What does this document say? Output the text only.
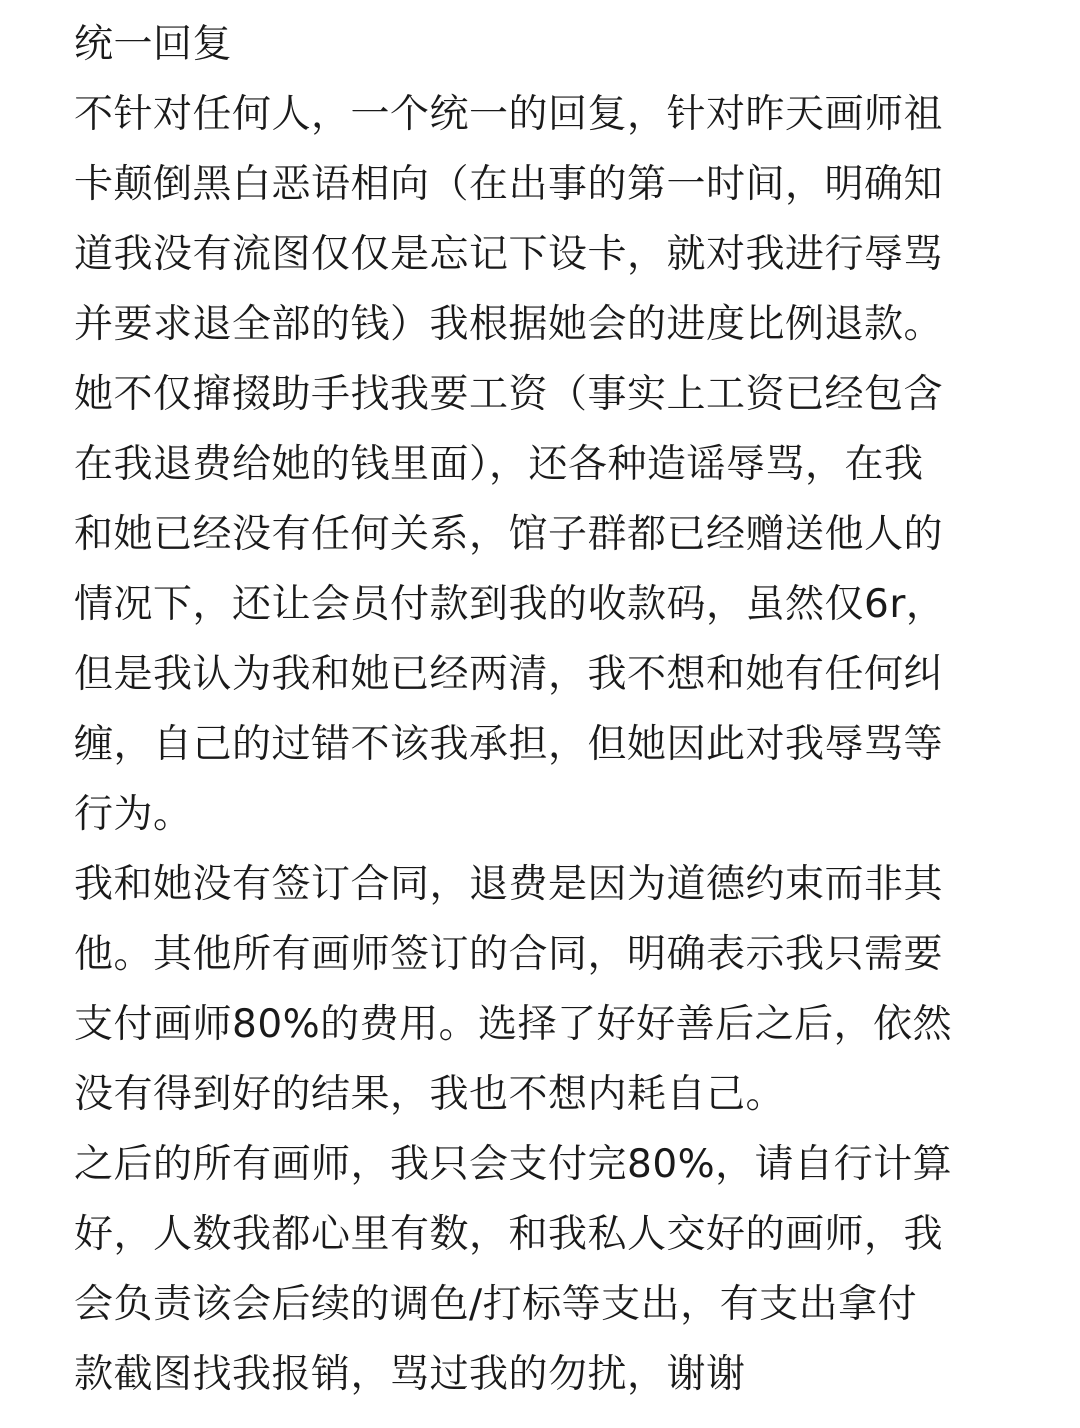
统一回复
不针对任何人，一个统一的回复，针对昨天画师祖
卡颠倒黑白恶语相向（在出事的第一时间，明确知
道我没有流图仅仅是忘记下设卡，就对我进行辱骂
并要求退全部的钱）我根据她会的进度比例退款。
她不仅撺掇助手找我要工资（事实上工资已经包含
在我退费给她的钱里面），还各种造谣辱骂，在我
和她已经没有任何关系，馆子群都已经赠送他人的
情况下，还让会员付款到我的收款码，虽然仅6r，
但是我认为我和她已经两清，我不想和她有任何纠
缠，自己的过错不该我承担，但她因此对我辱骂等
行为。
我和她没有签订合同，退费是因为道德约束而非其
他。其他所有画师签订的合同，明确表示我只需要
支付画师80%的费用。选择了好好善后之后，依然
没有得到好的结果，我也不想内耗自己。
之后的所有画师，我只会支付完80%，请自行计算
好，人数我都心里有数，和我私人交好的画师，我
会负责该会后续的调色/打标等支出，有支出拿付
款截图找我报销，骂过我的勿扰，谢谢
